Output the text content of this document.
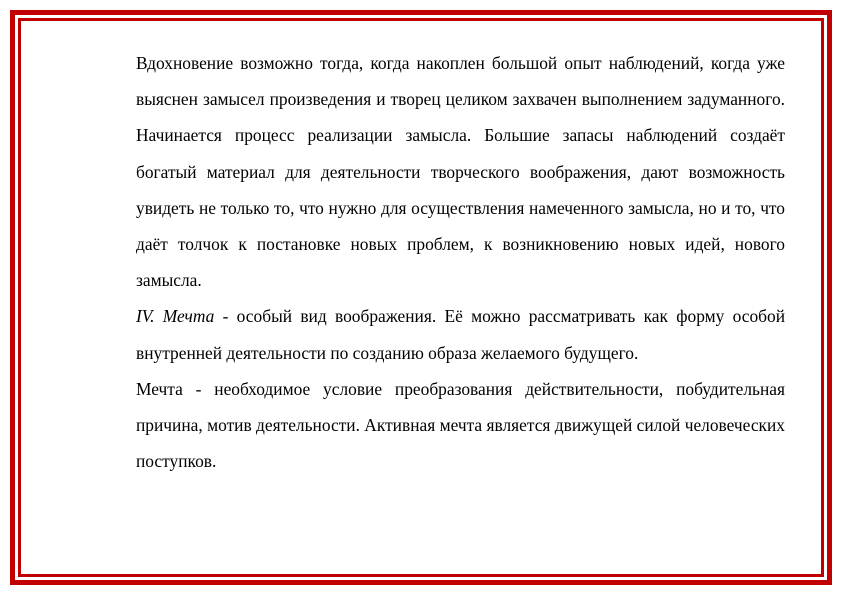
Вдохновение возможно тогда, когда накоплен большой опыт наблюдений, когда уже выяснен замысел произведения и творец целиком захвачен выполнением задуманного. Начинается процесс реализации замысла. Большие запасы наблюдений создаёт богатый материал для деятельности творческого воображения, дают возможность увидеть не только то, что нужно для осуществления намеченного замысла, но и то, что даёт толчок к постановке новых проблем, к возникновению новых идей, нового замысла.

IV. Мечта - особый вид воображения. Её можно рассматривать как форму особой внутренней деятельности по созданию образа желаемого будущего.

Мечта - необходимое условие преобразования действительности, побудительная причина, мотив деятельности. Активная мечта является движущей силой человеческих поступков.
